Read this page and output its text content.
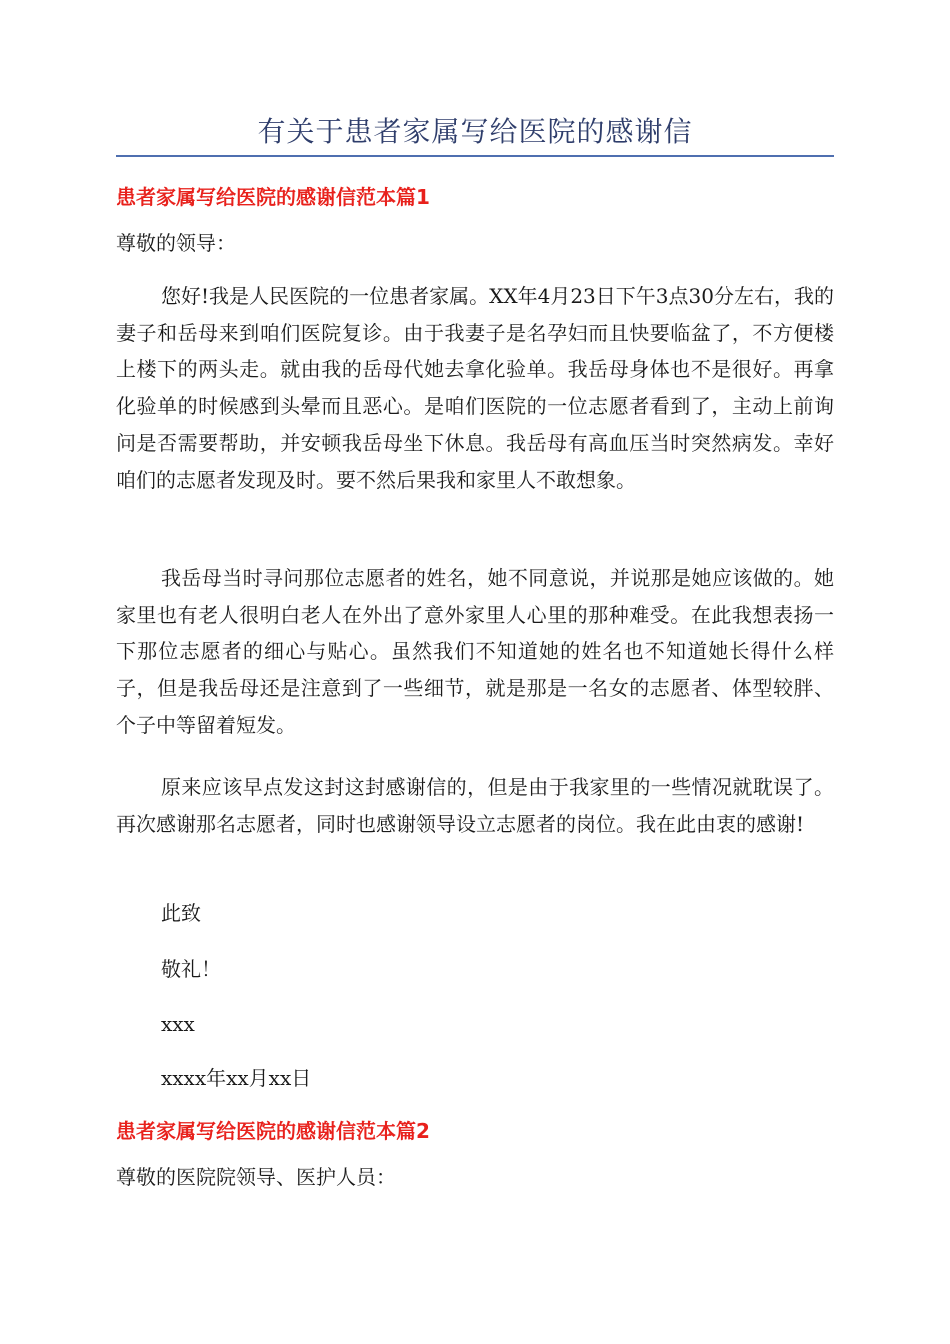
有关于患者家属写给医院的感谢信
患者家属写给医院的感谢信范本篇1

尊敬的领导：

您好!我是人民医院的一位患者家属。XX年4月23日下午3点30分左右，我的妻子和岳母来到咱们医院复诊。由于我妻子是名孕妇而且快要临盆了，不方便楼上楼下的两头走。就由我的岳母代她去拿化验单。我岳母身体也不是很好。再拿化验单的时候感到头晕而且恶心。是咱们医院的一位志愿者看到了，主动上前询问是否需要帮助，并安顿我岳母坐下休息。我岳母有高血压当时突然病发。幸好咱们的志愿者发现及时。要不然后果我和家里人不敢想象。

我岳母当时寻问那位志愿者的姓名，她不同意说，并说那是她应该做的。她家里也有老人很明白老人在外出了意外家里人心里的那种难受。在此我想表扬一下那位志愿者的细心与贴心。虽然我们不知道她的姓名也不知道她长得什么样子，但是我岳母还是注意到了一些细节，就是那是一名女的志愿者、体型较胖、个子中等留着短发。

原来应该早点发这封这封感谢信的，但是由于我家里的一些情况就耽误了。再次感谢那名志愿者，同时也感谢领导设立志愿者的岗位。我在此由衷的感谢!

此致

敬礼！

xxx

xxxx年xx月xx日

患者家属写给医院的感谢信范本篇2

尊敬的医院院领导、医护人员：
